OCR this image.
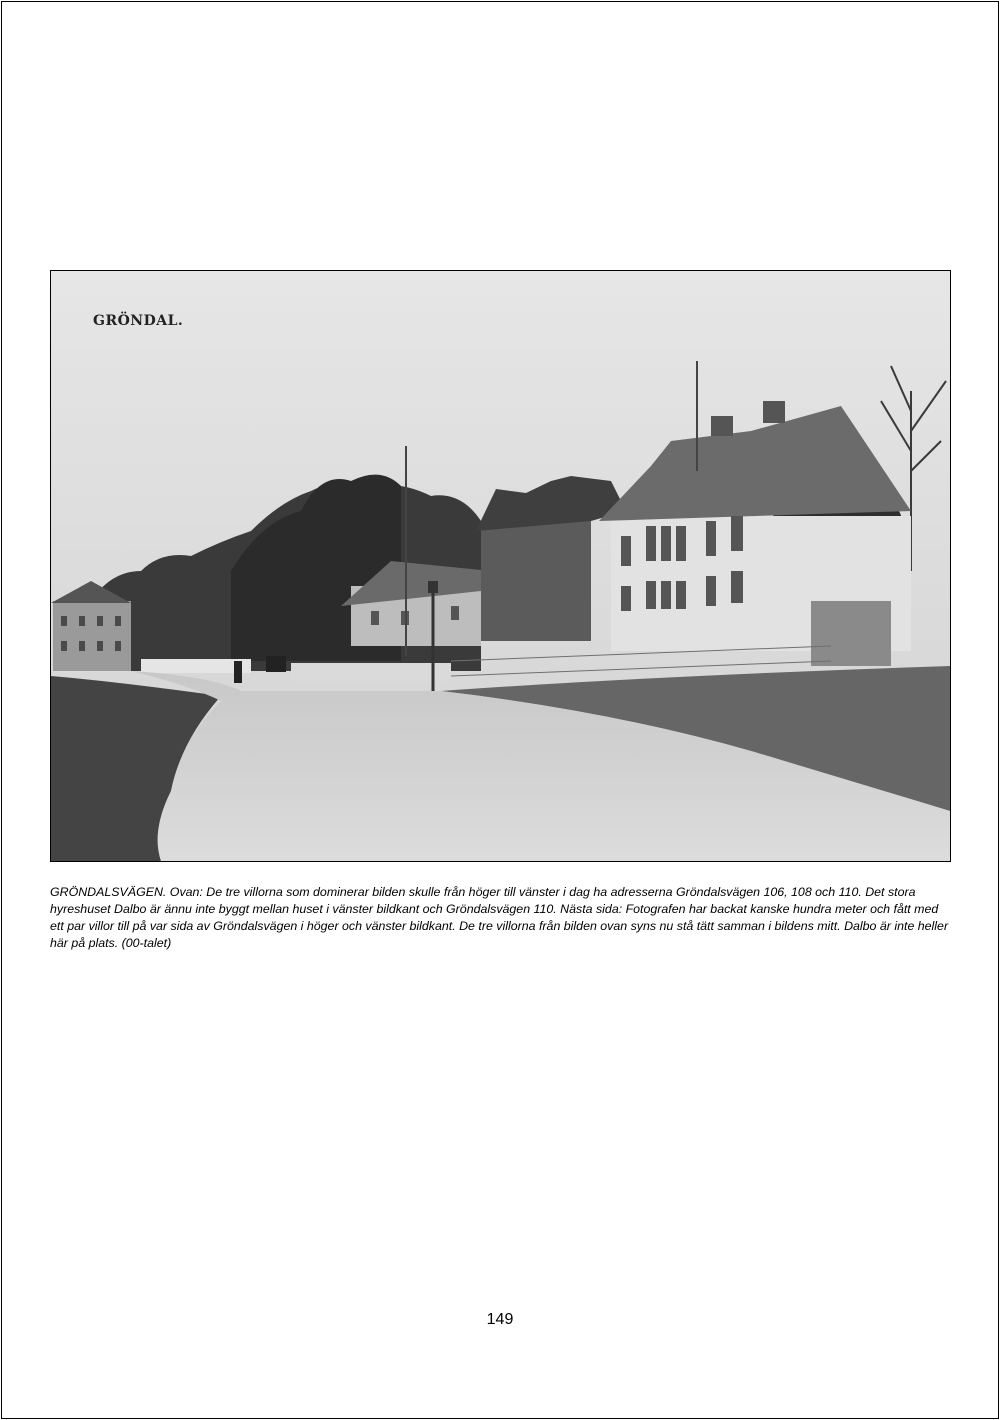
GRÖNDAL.

GRÖNDALSVÄGEN. Ovan: De tre villorna som dominerar bilden skulle från höger till vänster i dag ha adresserna Gröndalsvägen 106, 108 och 110. Det stora hyreshuset Dalbo är ännu inte byggt mellan huset i vänster bildkant och Gröndalsvägen 110. Nästa sida: Fotografen har backat kanske hundra meter och fått med ett par villor till på var sida av Gröndalsvägen i höger och vänster bildkant. De tre villorna från bilden ovan syns nu stå tätt samman i bildens mitt. Dalbo är inte heller här på plats. (00-talet)

149
